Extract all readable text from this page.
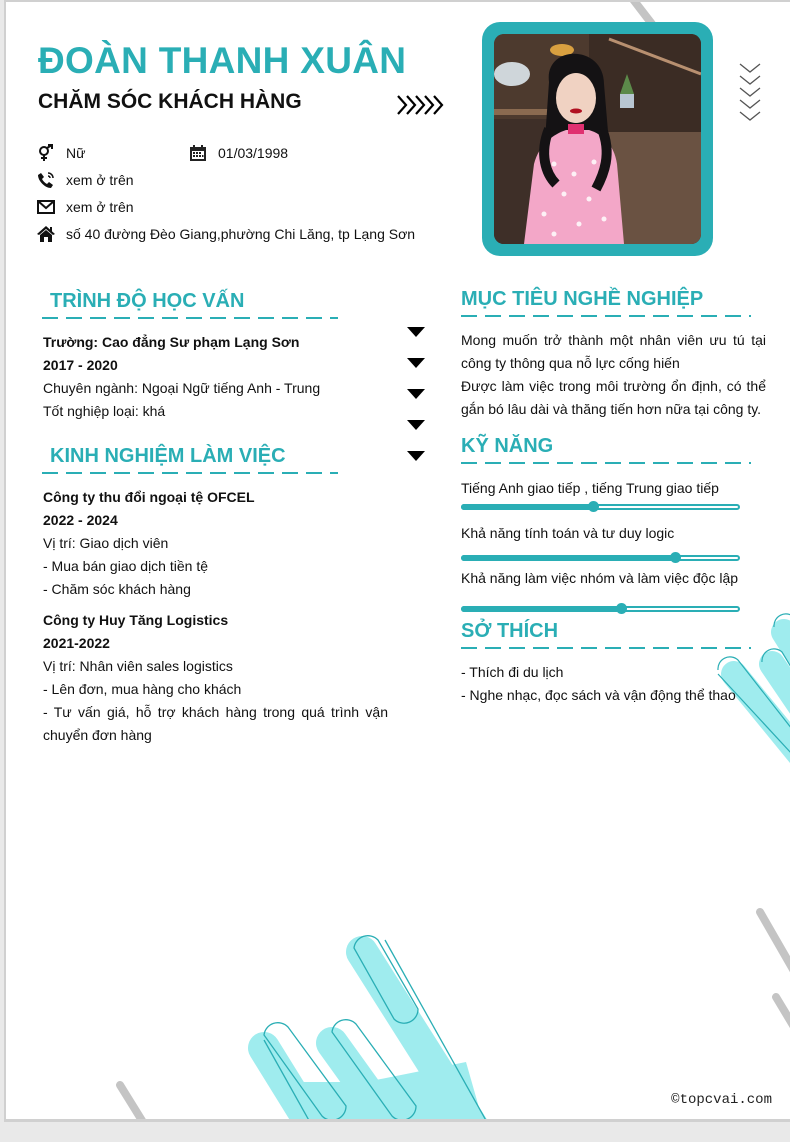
ĐOÀN THANH XUÂN
CHĂM SÓC KHÁCH HÀNG
Nữ	01/03/1998
xem ở trên
xem ở trên
số 40 đường Đèo Giang,phường Chi Lăng, tp Lạng Sơn
TRÌNH ĐỘ HỌC VẤN
Trường: Cao đẳng Sư phạm Lạng Sơn
2017 - 2020
Chuyên ngành: Ngoại Ngữ tiếng Anh - Trung
Tốt nghiệp loại: khá
KINH NGHIỆM LÀM VIỆC
Công ty thu đổi ngoại tệ OFCEL
2022 - 2024
Vị trí: Giao dịch viên
- Mua bán giao dịch tiền tệ
- Chăm sóc khách hàng
Công ty Huy Tăng Logistics
2021-2022
Vị trí: Nhân viên sales logistics
- Lên đơn, mua hàng cho khách
- Tư vấn giá, hỗ trợ khách hàng trong quá trình vận chuyển đơn hàng
MỤC TIÊU NGHỀ NGHIỆP
Mong muốn trở thành một nhân viên ưu tú tại công ty thông qua nỗ lực cống hiến
Được làm việc trong môi trường ổn định, có thể gắn bó lâu dài và thăng tiến hơn nữa tại công ty.
KỸ NĂNG
Tiếng Anh giao tiếp , tiếng Trung giao tiếp
Khả năng tính toán và tư duy logic
Khả năng làm việc nhóm và làm việc độc lập
SỞ THÍCH
- Thích đi du lịch
- Nghe nhạc, đọc sách và vận động thể thao
©topcvai.com
